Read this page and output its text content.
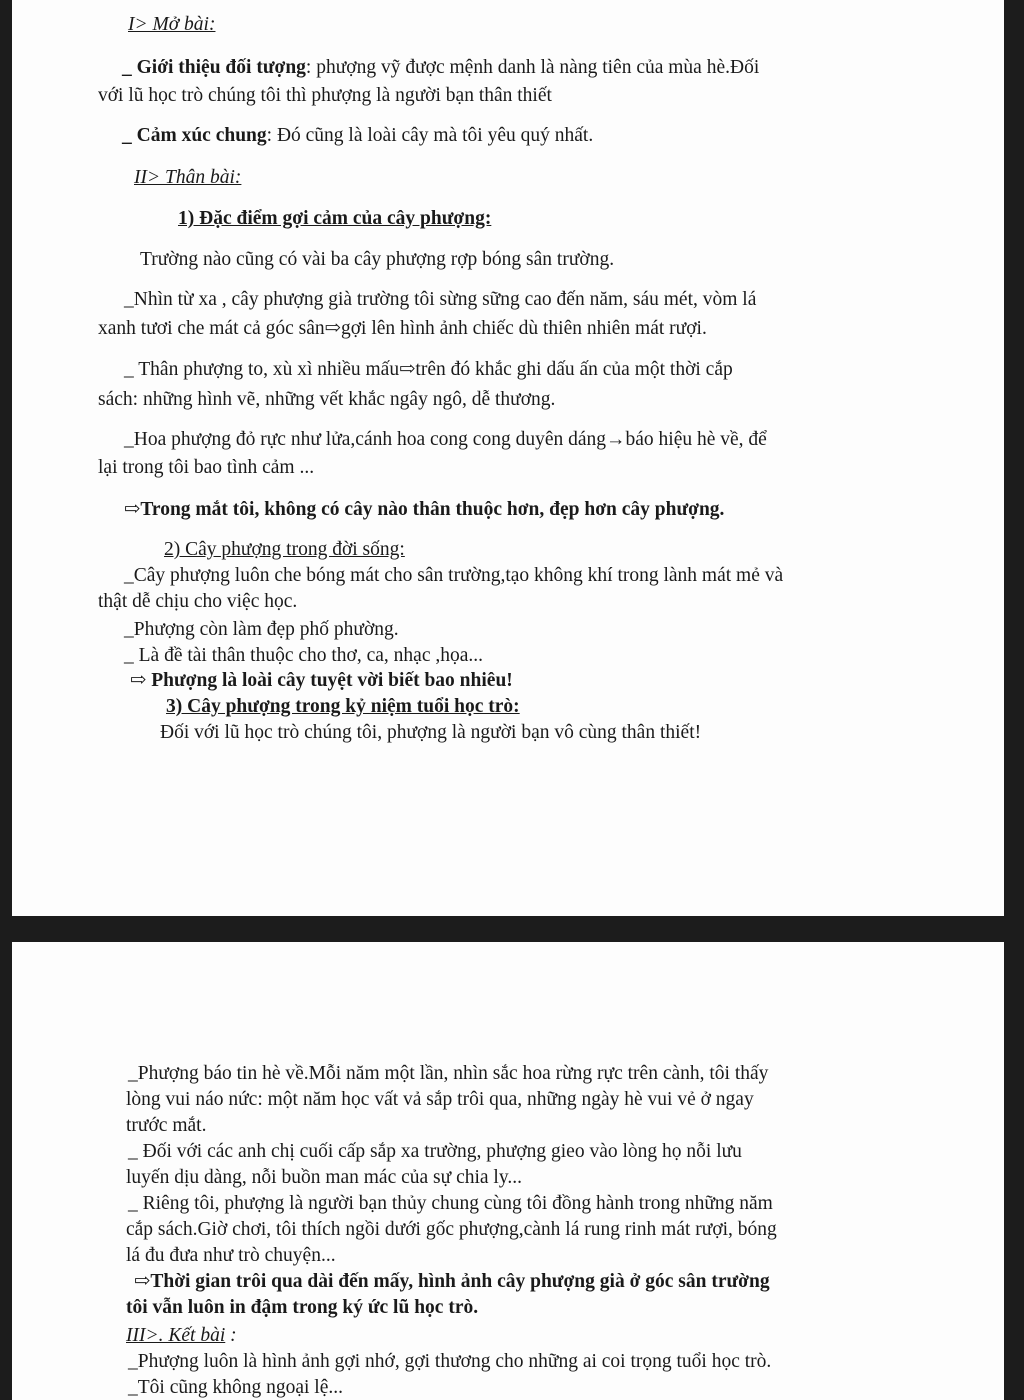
I> Mở bài:
_ Giới thiệu đối tượng: phượng vỹ được mệnh danh là nàng tiên của mùa hè.Đối
với lũ học trò chúng tôi thì phượng là người bạn thân thiết
_ Cảm xúc chung: Đó cũng là loài cây mà tôi yêu quý nhất.
II> Thân bài:
1) Đặc điểm gợi cảm của cây phượng:
Trường nào cũng có vài ba cây phượng rợp bóng sân trường.
_Nhìn từ xa , cây phượng già trường tôi sừng sững cao đến năm, sáu mét, vòm lá
xanh tươi che mát cả góc sân⇨gợi lên hình ảnh chiếc dù thiên nhiên mát rượi.
_ Thân phượng to, xù xì nhiều mấu⇨trên đó khắc ghi dấu ấn của một thời cắp
sách: những hình vẽ, những vết khắc ngây ngô, dễ thương.
_Hoa phượng đỏ rực như lửa,cánh hoa cong cong duyên dáng→báo hiệu hè về, để
lại trong tôi bao tình cảm ...
⇨Trong mắt tôi, không có cây nào thân thuộc hơn, đẹp hơn cây phượng.
2) Cây phượng trong đời sống:
_Cây phượng luôn che bóng mát cho sân trường,tạo không khí trong lành mát mẻ và
thật dễ chịu cho việc học.
_Phượng còn làm đẹp phố phường.
_ Là đề tài thân thuộc cho thơ, ca, nhạc ,họa...
⇨ Phượng là loài cây tuyệt vời biết bao nhiêu!
3) Cây phượng trong kỷ niệm tuổi học trò:
Đối với lũ học trò chúng tôi, phượng là người bạn vô cùng thân thiết!
_Phượng báo tin hè về.Mỗi năm một lần, nhìn sắc hoa rừng rực trên cành, tôi thấy
lòng vui náo nức: một năm học vất vả sắp trôi qua, những ngày hè vui vẻ ở ngay
trước mắt.
_ Đối với các anh chị cuối cấp sắp xa trường, phượng gieo vào lòng họ nỗi lưu
luyến dịu dàng, nỗi buồn man mác của sự chia ly...
_ Riêng tôi, phượng là người bạn thủy chung cùng tôi đồng hành trong những năm
cắp sách.Giờ chơi, tôi thích ngồi dưới gốc phượng,cành lá rung rinh mát rượi, bóng
lá đu đưa như trò chuyện...
⇨Thời gian trôi qua dài đến mấy, hình ảnh cây phượng già ở góc sân trường
tôi vẫn luôn in đậm trong ký ức lũ học trò.
III>. Kết bài :
_Phượng luôn là hình ảnh gợi nhớ, gợi thương cho những ai coi trọng tuổi học trò.
_Tôi cũng không ngoại lệ...
